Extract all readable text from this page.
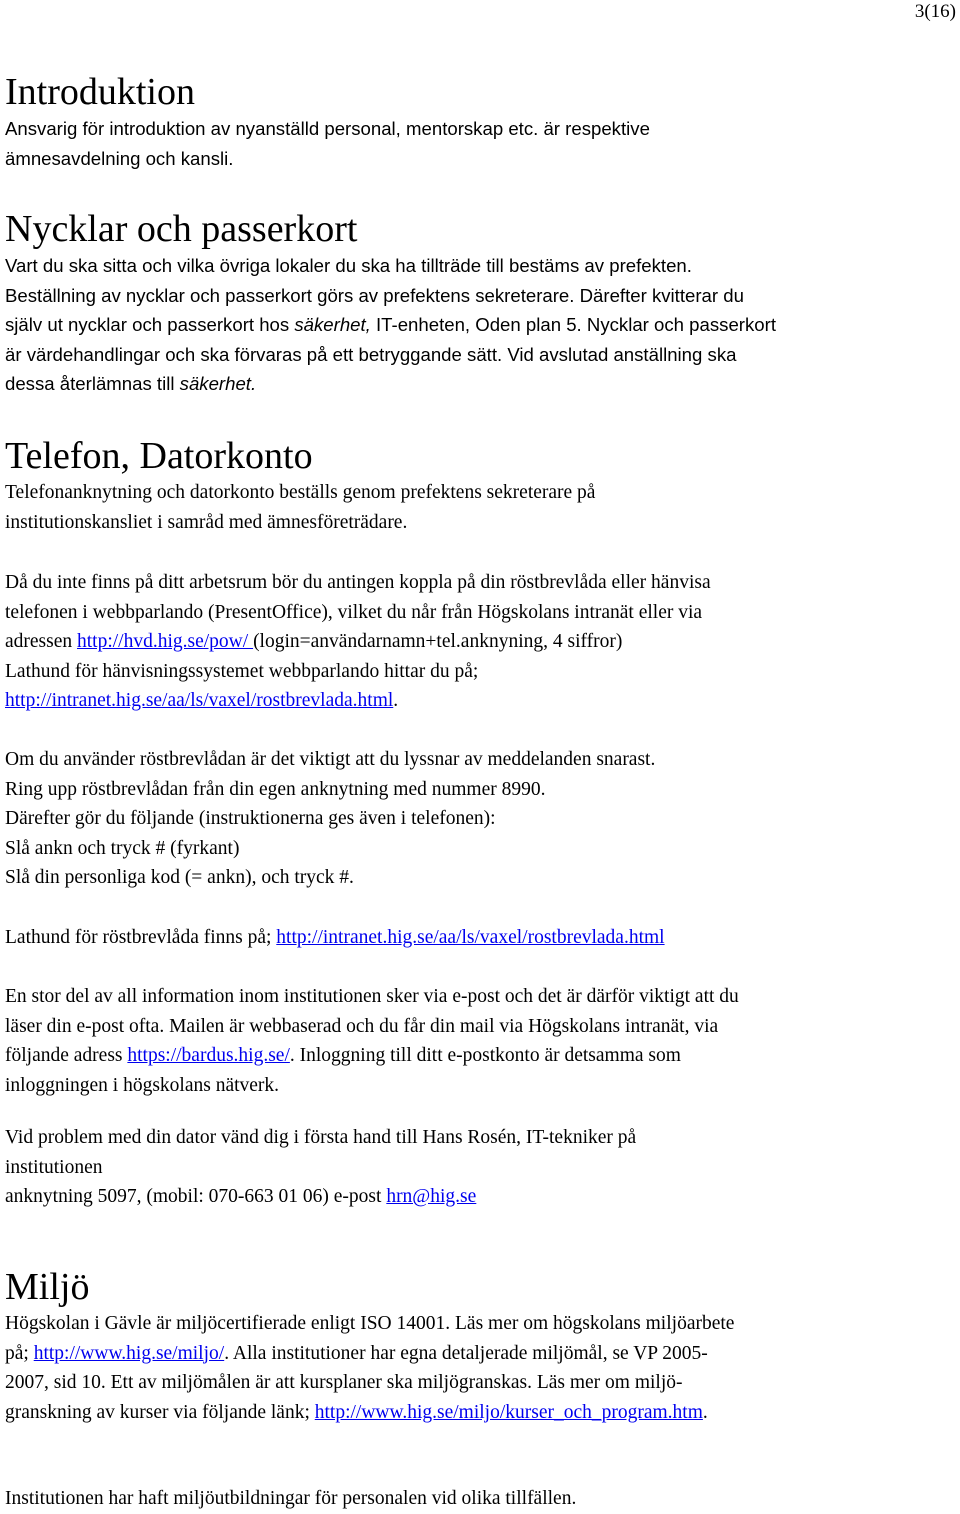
3(16)
Introduktion
Ansvarig för introduktion av nyanställd personal, mentorskap etc. är respektive
ämnesavdelning och kansli.
Nycklar och passerkort
Vart du ska sitta och vilka övriga lokaler du ska ha tillträde till bestäms av prefekten.
Beställning av nycklar och passerkort görs av prefektens sekreterare. Därefter kvitterar du
själv ut nycklar och passerkort hos säkerhet, IT-enheten, Oden plan 5. Nycklar och passerkort
är värdehandlingar och ska förvaras på ett betryggande sätt. Vid avslutad anställning ska
dessa återlämnas till säkerhet.
Telefon, Datorkonto
Telefonanknytning och datorkonto beställs genom prefektens sekreterare på
institutionskansliet i samråd med ämnesföreträdare.
Då du inte finns på ditt arbetsrum bör du antingen koppla på din röstbrevlåda eller hänvisa
telefonen i webbparlando (PresentOffice), vilket du når från Högskolans intranät eller via
adressen http://hvd.hig.se/pow/ (login=användarnamn+tel.anknyning, 4 siffror)
Lathund för hänvisningssystemet webbparlando hittar du på;
http://intranet.hig.se/aa/ls/vaxel/rostbrevlada.html.
Om du använder röstbrevlådan är det viktigt att du lyssnar av meddelanden snarast.
Ring upp röstbrevlådan från din egen anknytning med nummer 8990.
Därefter gör du följande (instruktionerna ges även i telefonen):
Slå ankn och tryck # (fyrkant)
Slå din personliga kod (= ankn), och tryck #.
Lathund för röstbrevlåda finns på; http://intranet.hig.se/aa/ls/vaxel/rostbrevlada.html
En stor del av all information inom institutionen sker via e-post och det är därför viktigt att du
läser din e-post ofta. Mailen är webbaserad och du får din mail via Högskolans intranät, via
följande adress https://bardus.hig.se/. Inloggning till ditt e-postkonto är detsamma som
inloggningen i högskolans nätverk.
Vid problem med din dator vänd dig i första hand till Hans Rosén, IT-tekniker på
institutionen
anknytning 5097, (mobil: 070-663 01 06) e-post hrn@hig.se
Miljö
Högskolan i Gävle är miljöcertifierade enligt ISO 14001. Läs mer om högskolans miljöarbete
på; http://www.hig.se/miljo/. Alla institutioner har egna detaljerade miljömål, se VP 2005-
2007, sid 10. Ett av miljömålen är att kursplaner ska miljögranskas. Läs mer om miljö-
granskning av kurser via följande länk; http://www.hig.se/miljo/kurser_och_program.htm.
Institutionen har haft miljöutbildningar för personalen vid olika tillfällen.
